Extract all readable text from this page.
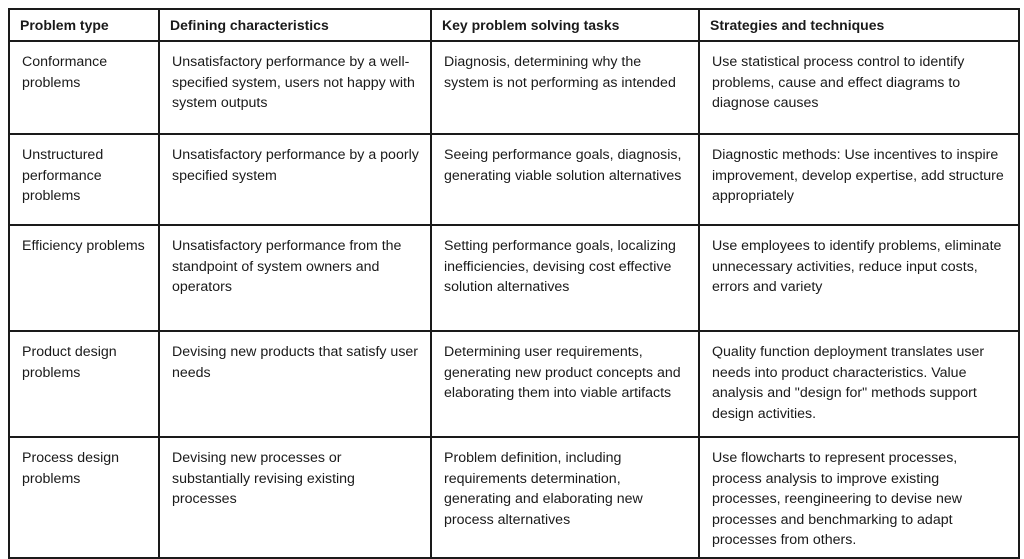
Problem type	Defining characteristics	Key problem solving tasks	Strategies and techniques
Conformance problems	Unsatisfactory performance by a well-specified system, users not happy with system outputs	Diagnosis, determining why the system is not performing as intended	Use statistical process control to identify problems, cause and effect diagrams to diagnose causes
Unstructured performance problems	Unsatisfactory performance by a poorly specified system	Seeing performance goals, diagnosis, generating viable solution alternatives	Diagnostic methods: Use incentives to inspire improvement, develop expertise, add structure appropriately
Efficiency problems	Unsatisfactory performance from the standpoint of system owners and operators	Setting performance goals, localizing inefficiencies, devising cost effective solution alternatives	Use employees to identify problems, eliminate unnecessary activities, reduce input costs, errors and variety
Product design problems	Devising new products that satisfy user needs	Determining user requirements, generating new product concepts and elaborating them into viable artifacts	Quality function deployment translates user needs into product characteristics. Value analysis and "design for" methods support design activities.
Process design problems	Devising new processes or substantially revising existing processes	Problem definition, including requirements determination, generating and elaborating new process alternatives	Use flowcharts to represent processes, process analysis to improve existing processes, reengineering to devise new processes and benchmarking to adapt processes from others.
